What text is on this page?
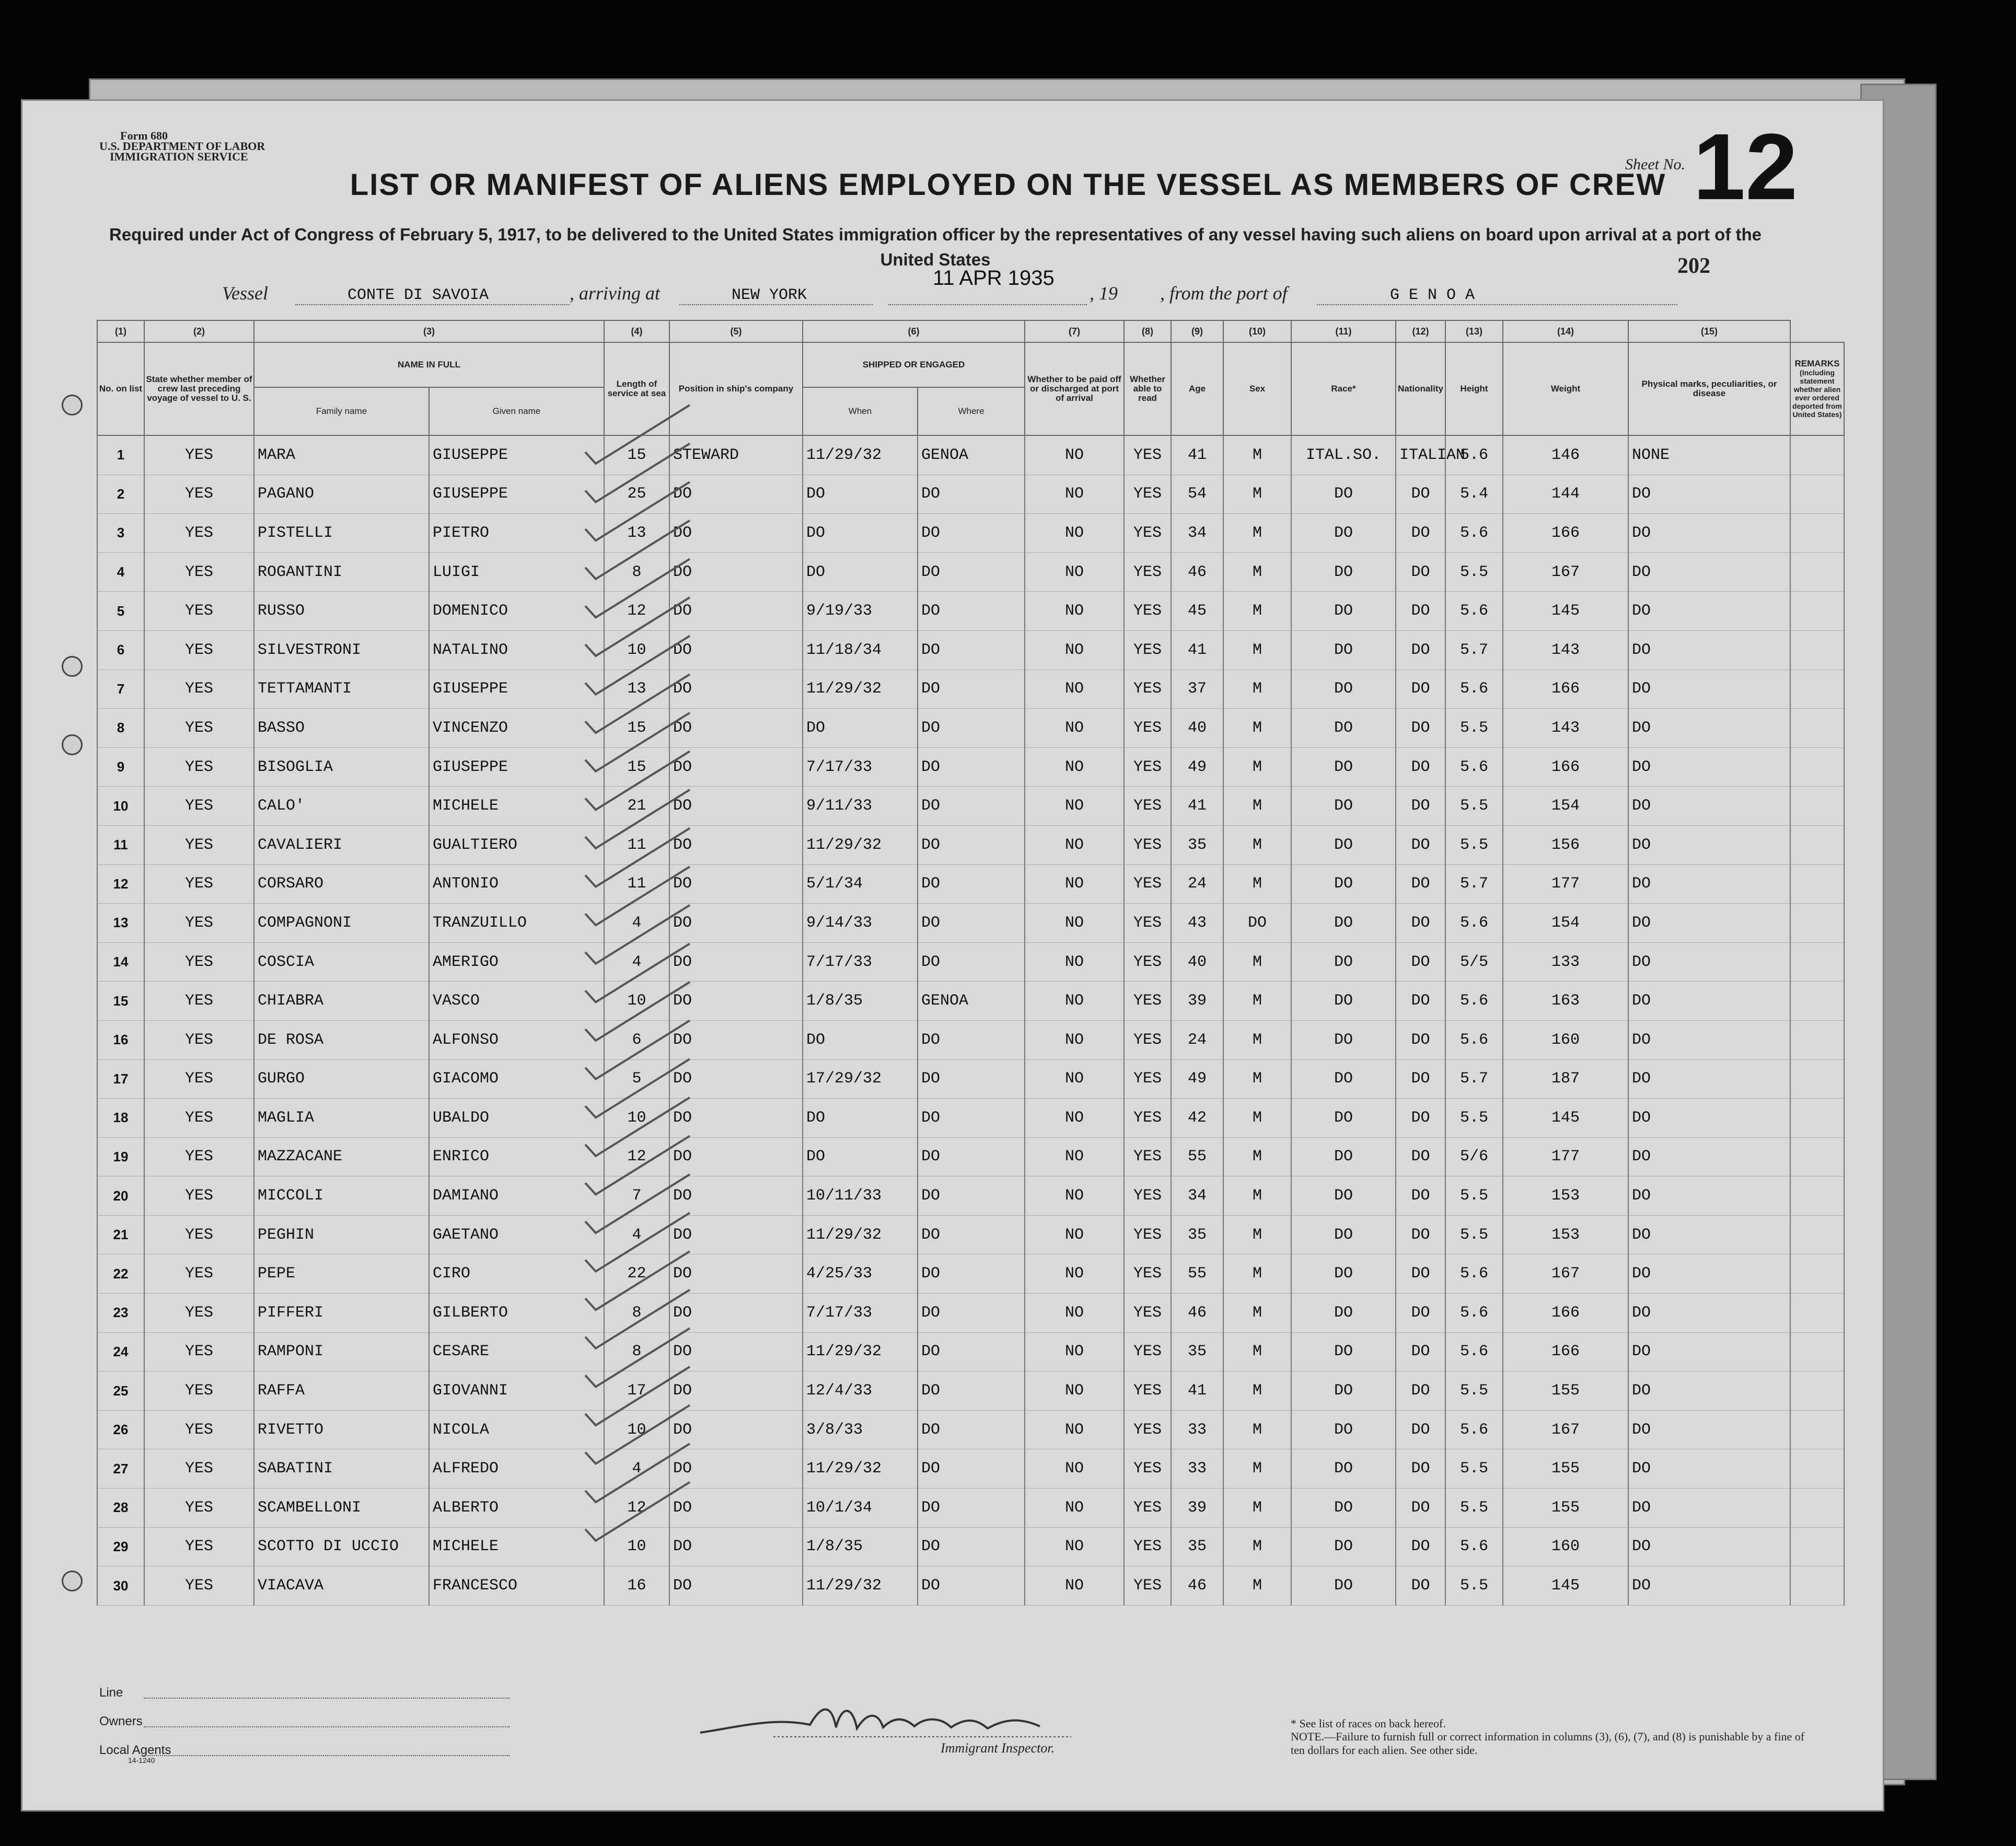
Form 680
U.S. DEPARTMENT OF LABOR
IMMIGRATION SERVICE
LIST OR MANIFEST OF ALIENS EMPLOYED ON THE VESSEL AS MEMBERS OF CREW
Sheet No. 12
202
Required under Act of Congress of February 5, 1917, to be delivered to the United States immigration officer by the representatives of any vessel having such aliens on board upon arrival at a port of the United States
Vessel	CONTE DI SAVOIA	, arriving at	NEW YORK
11 APR 1935
, 19 , from the port of	G E N O A
(1)	(2)	(3)		(4)	(5)	(6)		(7)	(8)	(9)	(10)	(11)	(12)	(13)	(14)	(15)	
No. on list	State whether member of crew last preceding voyage of vessel to U. S.	NAME IN FULL		Length of service at sea	Position in ship's company	SHIPPED OR ENGAGED		Whether to be paid off or discharged at port of arrival	Whether able to read	Age	Sex	Race*	Nationality	Height	Weight	Physical marks, peculiarities, or disease	REMARKS
(Including statement whether alien ever ordered deported from United States)

		Family name	Given name			When	Where										
1	YES	MARA	GIUSEPPE	15	STEWARD	11/29/32	GENOA	NO	YES	41	M	ITAL.SO.	ITALIAN	5.6	146	NONE	
2	YES	PAGANO	GIUSEPPE	25	DO	DO	DO	NO	YES	54	M	DO	DO	5.4	144	DO	
3	YES	PISTELLI	PIETRO	13	DO	DO	DO	NO	YES	34	M	DO	DO	5.6	166	DO	
4	YES	ROGANTINI	LUIGI	8	DO	DO	DO	NO	YES	46	M	DO	DO	5.5	167	DO	
5	YES	RUSSO	DOMENICO	12	DO	9/19/33	DO	NO	YES	45	M	DO	DO	5.6	145	DO	
6	YES	SILVESTRONI	NATALINO	10	DO	11/18/34	DO	NO	YES	41	M	DO	DO	5.7	143	DO	
7	YES	TETTAMANTI	GIUSEPPE	13	DO	11/29/32	DO	NO	YES	37	M	DO	DO	5.6	166	DO	
8	YES	BASSO	VINCENZO	15	DO	DO	DO	NO	YES	40	M	DO	DO	5.5	143	DO	
9	YES	BISOGLIA	GIUSEPPE	15	DO	7/17/33	DO	NO	YES	49	M	DO	DO	5.6	166	DO	
10	YES	CALO'	MICHELE	21	DO	9/11/33	DO	NO	YES	41	M	DO	DO	5.5	154	DO	
11	YES	CAVALIERI	GUALTIERO	11	DO	11/29/32	DO	NO	YES	35	M	DO	DO	5.5	156	DO	
12	YES	CORSARO	ANTONIO	11	DO	5/1/34	DO	NO	YES	24	M	DO	DO	5.7	177	DO	
13	YES	COMPAGNONI	TRANZUILLO	4	DO	9/14/33	DO	NO	YES	43	DO	DO	DO	5.6	154	DO	
14	YES	COSCIA	AMERIGO	4	DO	7/17/33	DO	NO	YES	40	M	DO	DO	5/5	133	DO	
15	YES	CHIABRA	VASCO	10	DO	1/8/35	GENOA	NO	YES	39	M	DO	DO	5.6	163	DO	
16	YES	DE ROSA	ALFONSO	6	DO	DO	DO	NO	YES	24	M	DO	DO	5.6	160	DO	
17	YES	GURGO	GIACOMO	5	DO	17/29/32	DO	NO	YES	49	M	DO	DO	5.7	187	DO	
18	YES	MAGLIA	UBALDO	10	DO	DO	DO	NO	YES	42	M	DO	DO	5.5	145	DO	
19	YES	MAZZACANE	ENRICO	12	DO	DO	DO	NO	YES	55	M	DO	DO	5/6	177	DO	
20	YES	MICCOLI	DAMIANO	7	DO	10/11/33	DO	NO	YES	34	M	DO	DO	5.5	153	DO	
21	YES	PEGHIN	GAETANO	4	DO	11/29/32	DO	NO	YES	35	M	DO	DO	5.5	153	DO	
22	YES	PEPE	CIRO	22	DO	4/25/33	DO	NO	YES	55	M	DO	DO	5.6	167	DO	
23	YES	PIFFERI	GILBERTO	8	DO	7/17/33	DO	NO	YES	46	M	DO	DO	5.6	166	DO	
24	YES	RAMPONI	CESARE	8	DO	11/29/32	DO	NO	YES	35	M	DO	DO	5.6	166	DO	
25	YES	RAFFA	GIOVANNI	17	DO	12/4/33	DO	NO	YES	41	M	DO	DO	5.5	155	DO	
26	YES	RIVETTO	NICOLA	10	DO	3/8/33	DO	NO	YES	33	M	DO	DO	5.6	167	DO	
27	YES	SABATINI	ALFREDO	4	DO	11/29/32	DO	NO	YES	33	M	DO	DO	5.5	155	DO	
28	YES	SCAMBELLONI	ALBERTO	12	DO	10/1/34	DO	NO	YES	39	M	DO	DO	5.5	155	DO	
29	YES	SCOTTO DI UCCIO	MICHELE	10	DO	1/8/35	DO	NO	YES	35	M	DO	DO	5.6	160	DO	
30	YES	VIACAVA	FRANCESCO	16	DO	11/29/32	DO	NO	YES	46	M	DO	DO	5.5	145	DO	
Line
Owners
Local Agents
14-1240
Immigrant Inspector.
* See list of races on back hereof.
NOTE.—Failure to furnish full or correct information in columns (3), (6), (7), and (8) is punishable by a fine of ten dollars for each alien. See other side.
